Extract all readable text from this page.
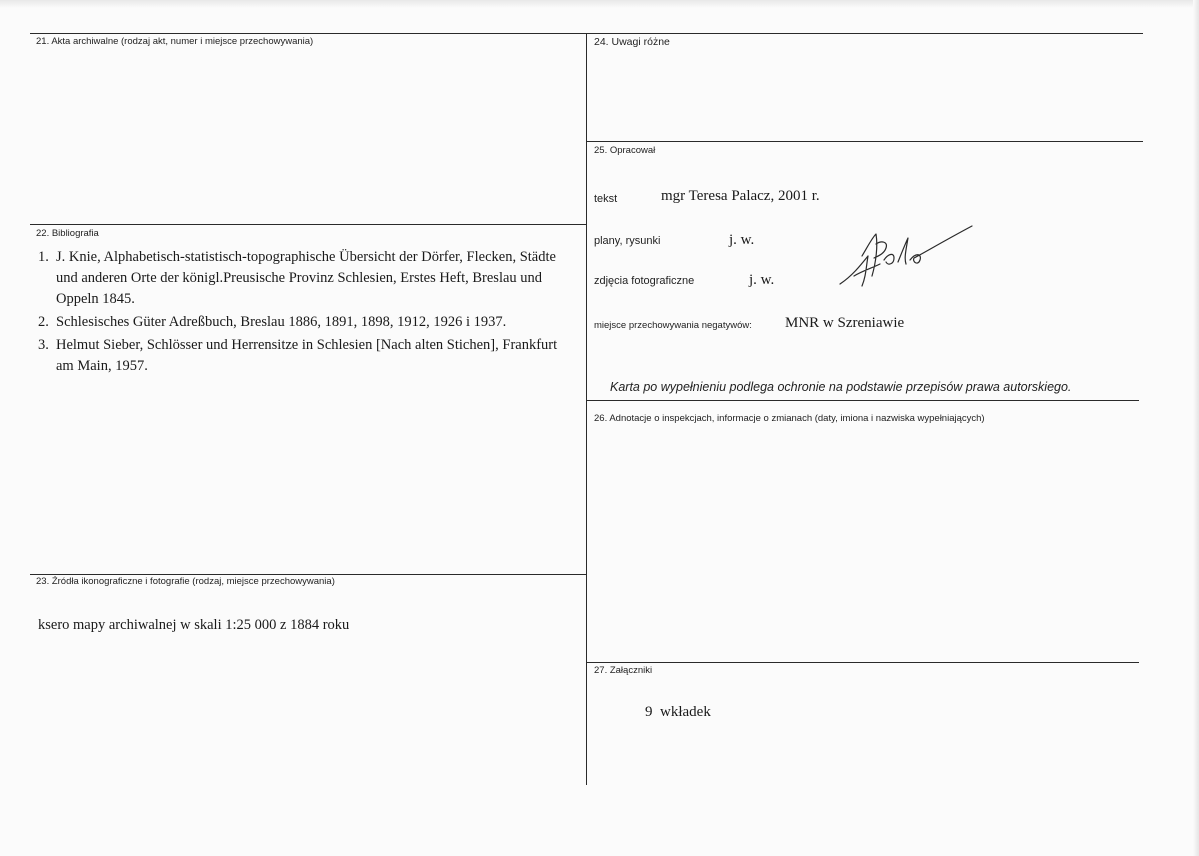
21. Akta archiwalne (rodzaj akt, numer i miejsce przechowywania)
22. Bibliografia
1. J. Knie, Alphabetisch-statistisch-topographische Übersicht der Dörfer, Flecken, Städte und anderen Orte der königl.Preusische Provinz Schlesien, Erstes Heft, Breslau und Oppeln 1845.
2. Schlesisches Güter Adreßbuch, Breslau 1886, 1891, 1898, 1912, 1926 i 1937.
3. Helmut Sieber, Schlösser und Herrensitze in Schlesien [Nach alten Stichen], Frankfurt am Main, 1957.
23. Źródła ikonograficzne i fotografie (rodzaj, miejsce przechowywania)
ksero mapy archiwalnej w skali 1:25 000 z 1884 roku
24. Uwagi różne
25. Opracował
tekst	mgr Teresa Palacz, 2001 r.
plany, rysunki	j. w.
zdjęcia fotograficzne	j. w.
miejsce przechowywania negatywów: MNR w Szreniawie
Karta po wypełnieniu podlega ochronie na podstawie przepisów prawa autorskiego.
26. Adnotacje o inspekcjach, informacje o zmianach (daty, imiona i nazwiska wypełniających)
27. Załączniki
9  wkładek
